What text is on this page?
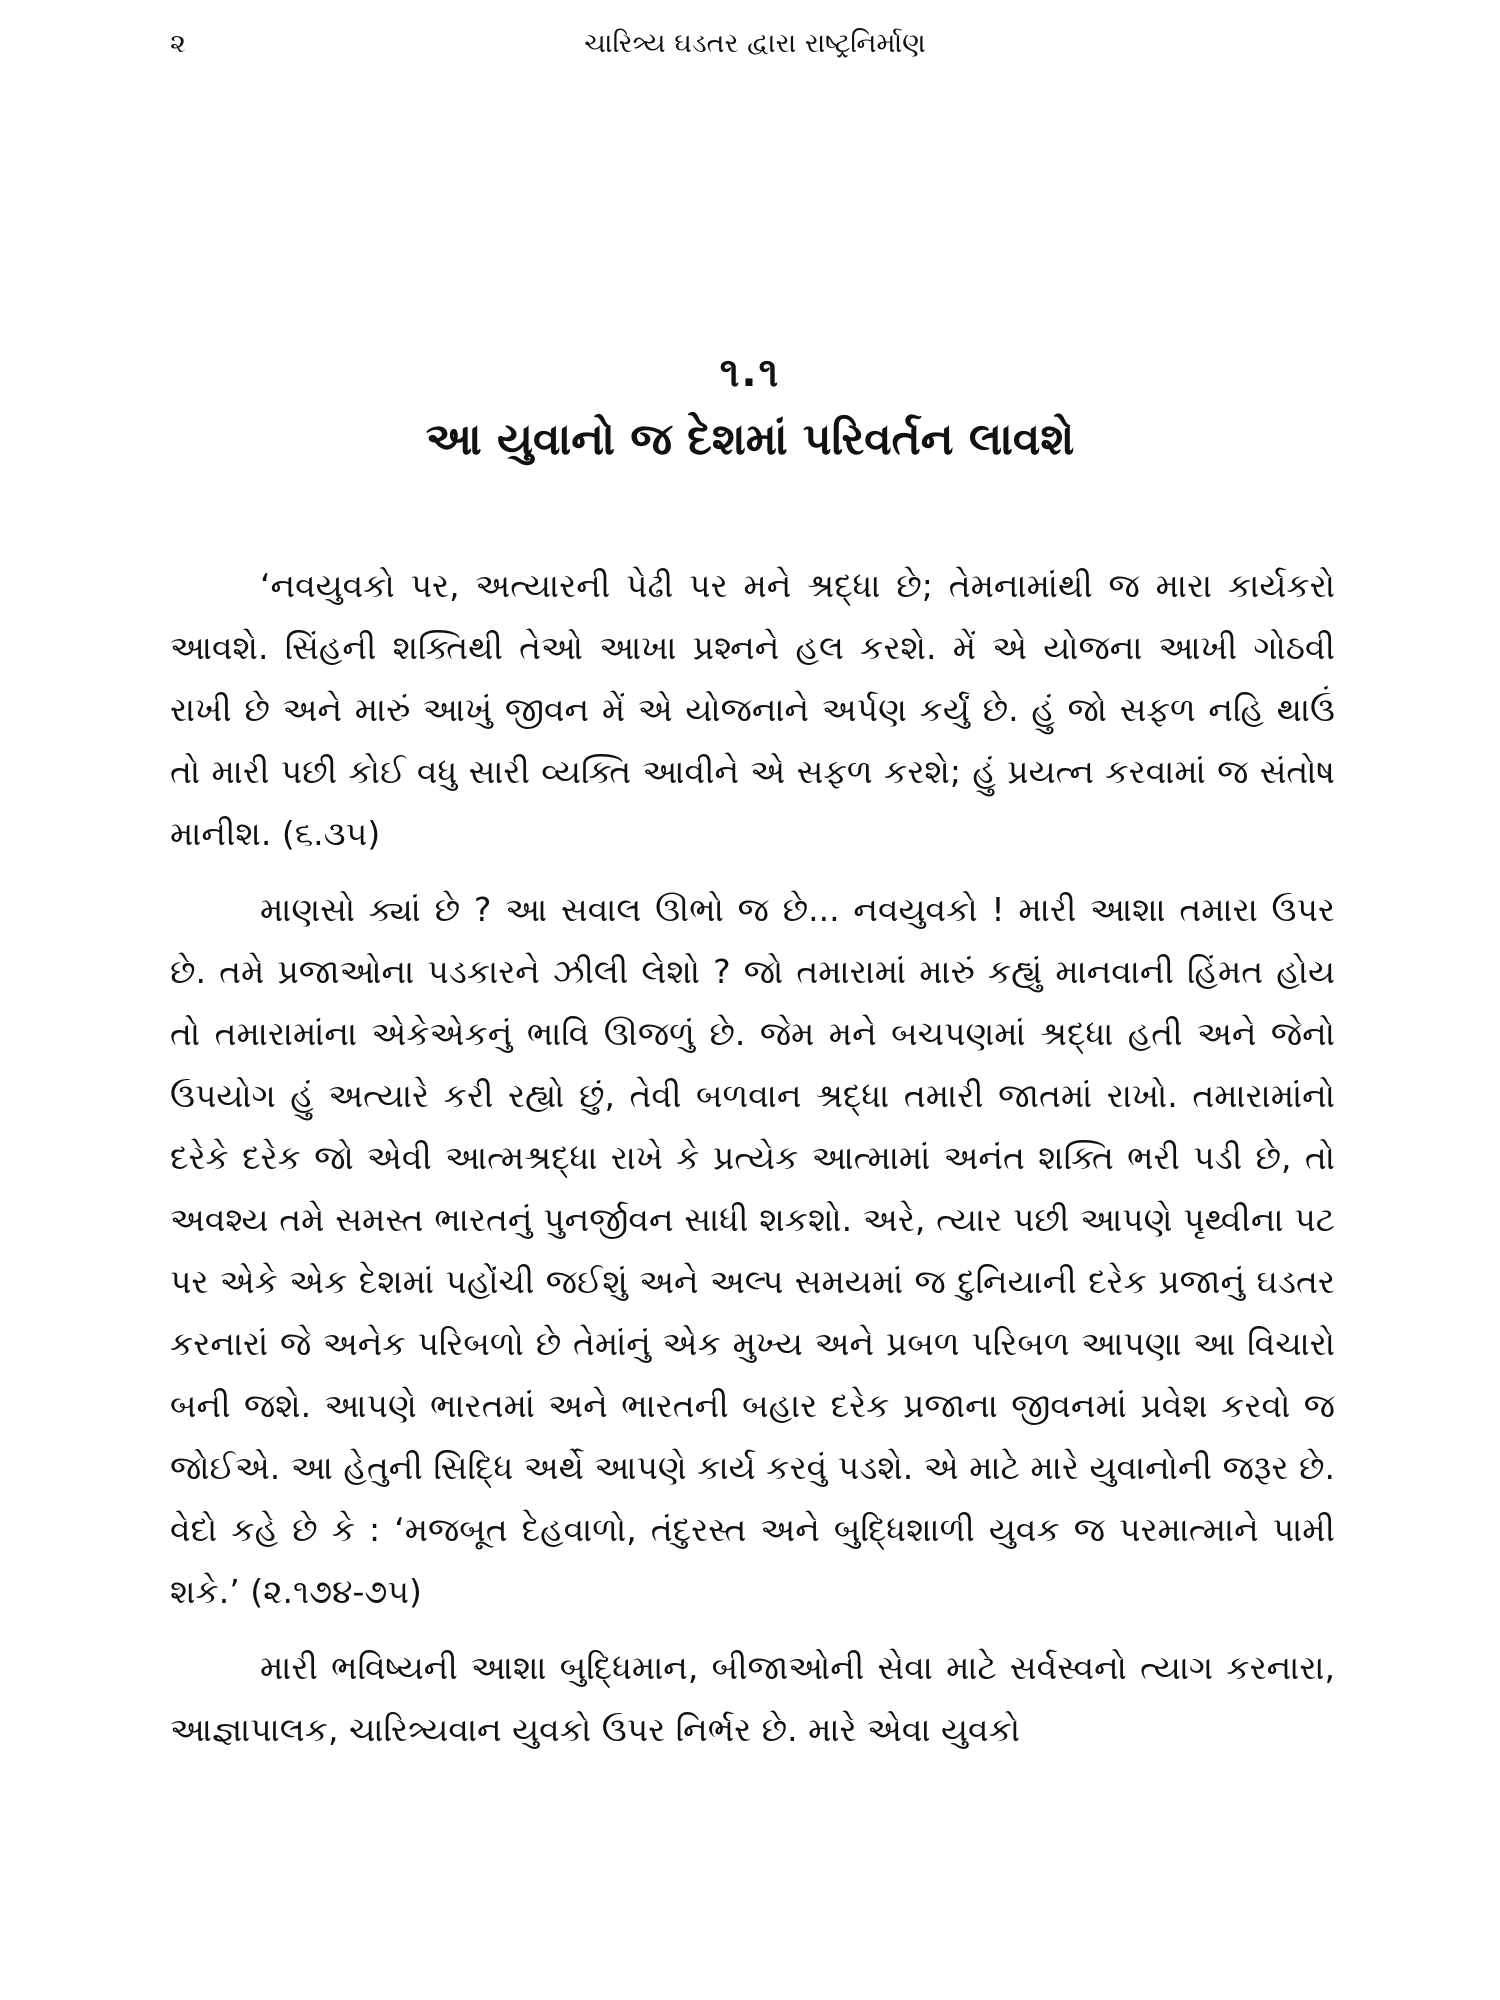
૨	ચારિત્ર્ય ઘડતર દ્વારા રાષ્ટ્રનિર્માણ
૧.૧
આ યુવાનો જ દેશમાં પરિવર્તન લાવશે

‘નવયુવકો પર, અત્યારની પેઢી પર મને શ્રદ્ધા છે; તેમનામાંથી જ મારા કાર્યકરો આવશે. સિંહની શક્તિથી તેઓ આખા પ્રશ્નને હલ કરશે. મેં એ યોજના આખી ગોઠવી રાખી છે અને મારું આખું જીવન મેં એ યોજનાને અર્પણ કર્યું છે. હું જો સફળ નહિ થાઉં તો મારી પછી કોઈ વધુ સારી વ્યક્તિ આવીને એ સફળ કરશે; હું પ્રયત્ન કરવામાં જ સંતોષ માનીશ. (૬.૩૫)

માણસો ક્યાં છે ? આ સવાલ ઊભો જ છે... નવયુવકો ! મારી આશા તમારા ઉપર છે. તમે પ્રજાઓના પડકારને ઝીલી લેશો ? જો તમારામાં મારું કહ્યું માનવાની હિંમત હોય તો તમારામાંના એકેએકનું ભાવિ ઊજળું છે. જેમ મને બચપણમાં શ્રદ્ધા હતી અને જેનો ઉપયોગ હું અત્યારે કરી રહ્યો છું, તેવી બળવાન શ્રદ્ધા તમારી જાતમાં રાખો. તમારામાંનો દરેકે દરેક જો એવી આત્મશ્રદ્ધા રાખે કે પ્રત્યેક આત્મામાં અનંત શક્તિ ભરી પડી છે, તો અવશ્ય તમે સમસ્ત ભારતનું પુનર્જીવન સાધી શકશો. અરે, ત્યાર પછી આપણે પૃથ્વીના પટ પર એકે એક દેશમાં પહોંચી જઈશું અને અલ્પ સમયમાં જ દુનિયાની દરેક પ્રજાનું ઘડતર કરનારાં જે અનેક પરિબળો છે તેમાંનું એક મુખ્ય અને પ્રબળ પરિબળ આપણા આ વિચારો બની જશે. આપણે ભારતમાં અને ભારતની બહાર દરેક પ્રજાના જીવનમાં પ્રવેશ કરવો જ જોઈએ. આ હેતુની સિદ્ધિ અર્થે આપણે કાર્ય કરવું પડશે. એ માટે મારે યુવાનોની જરૂર છે. વેદો કહે છે કે : ‘મજબૂત દેહવાળો, તંદુરસ્ત અને બુદ્ધિશાળી યુવક જ પરમાત્માને પામી શકે.’ (૨.૧૭૪-૭૫)

મારી ભવિષ્યની આશા બુદ્ધિમાન, બીજાઓની સેવા માટે સર્વસ્વનો ત્યાગ કરનારા, આજ્ઞાપાલક, ચારિત્ર્યવાન યુવકો ઉપર નિર્ભર છે. મારે એવા યુવકો
